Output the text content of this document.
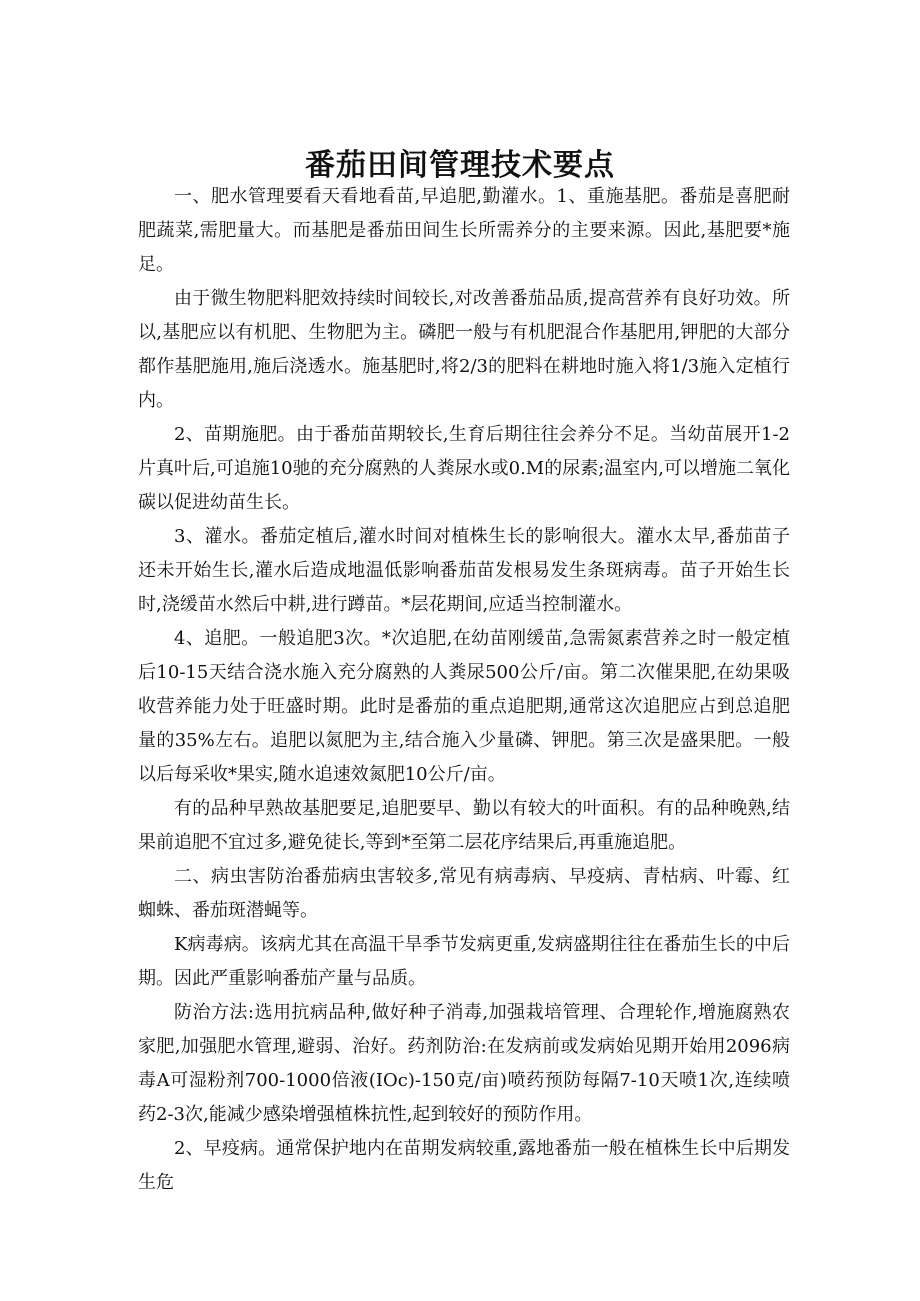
番茄田间管理技术要点

一、肥水管理要看天看地看苗,早追肥,勤灌水。1、重施基肥。番茄是喜肥耐肥蔬菜,需肥量大。而基肥是番茄田间生长所需养分的主要来源。因此,基肥要*施足。

由于微生物肥料肥效持续时间较长,对改善番茄品质,提高营养有良好功效。所以,基肥应以有机肥、生物肥为主。磷肥一般与有机肥混合作基肥用,钾肥的大部分都作基肥施用,施后浇透水。施基肥时,将2/3的肥料在耕地时施入将1/3施入定植行内。

2、苗期施肥。由于番茄苗期较长,生育后期往往会养分不足。当幼苗展开1-2片真叶后,可追施10驰的充分腐熟的人粪尿水或0.M的尿素;温室内,可以增施二氧化碳以促进幼苗生长。

3、灌水。番茄定植后,灌水时间对植株生长的影响很大。灌水太早,番茄苗子还未开始生长,灌水后造成地温低影响番茄苗发根易发生条斑病毒。苗子开始生长时,浇缓苗水然后中耕,进行蹲苗。*层花期间,应适当控制灌水。

4、追肥。一般追肥3次。*次追肥,在幼苗刚缓苗,急需氮素营养之时一般定植后10-15天结合浇水施入充分腐熟的人粪尿500公斤/亩。第二次催果肥,在幼果吸收营养能力处于旺盛时期。此时是番茄的重点追肥期,通常这次追肥应占到总追肥量的35%左右。追肥以氮肥为主,结合施入少量磷、钾肥。第三次是盛果肥。一般以后每采收*果实,随水追速效氮肥10公斤/亩。

有的品种早熟故基肥要足,追肥要早、勤以有较大的叶面积。有的品种晚熟,结果前追肥不宜过多,避免徒长,等到*至第二层花序结果后,再重施追肥。

二、病虫害防治番茄病虫害较多,常见有病毒病、早疫病、青枯病、叶霉、红蜘蛛、番茄斑潜蝇等。

K病毒病。该病尤其在高温干旱季节发病更重,发病盛期往往在番茄生长的中后期。因此严重影响番茄产量与品质。

防治方法:选用抗病品种,做好种子消毒,加强栽培管理、合理轮作,增施腐熟农家肥,加强肥水管理,避弱、治好。药剂防治:在发病前或发病始见期开始用2096病毒A可湿粉剂700-1000倍液(IOc)-150克/亩)喷药预防每隔7-10天喷1次,连续喷药2-3次,能减少感染增强植株抗性,起到较好的预防作用。

2、早疫病。通常保护地内在苗期发病较重,露地番茄一般在植株生长中后期发生危
